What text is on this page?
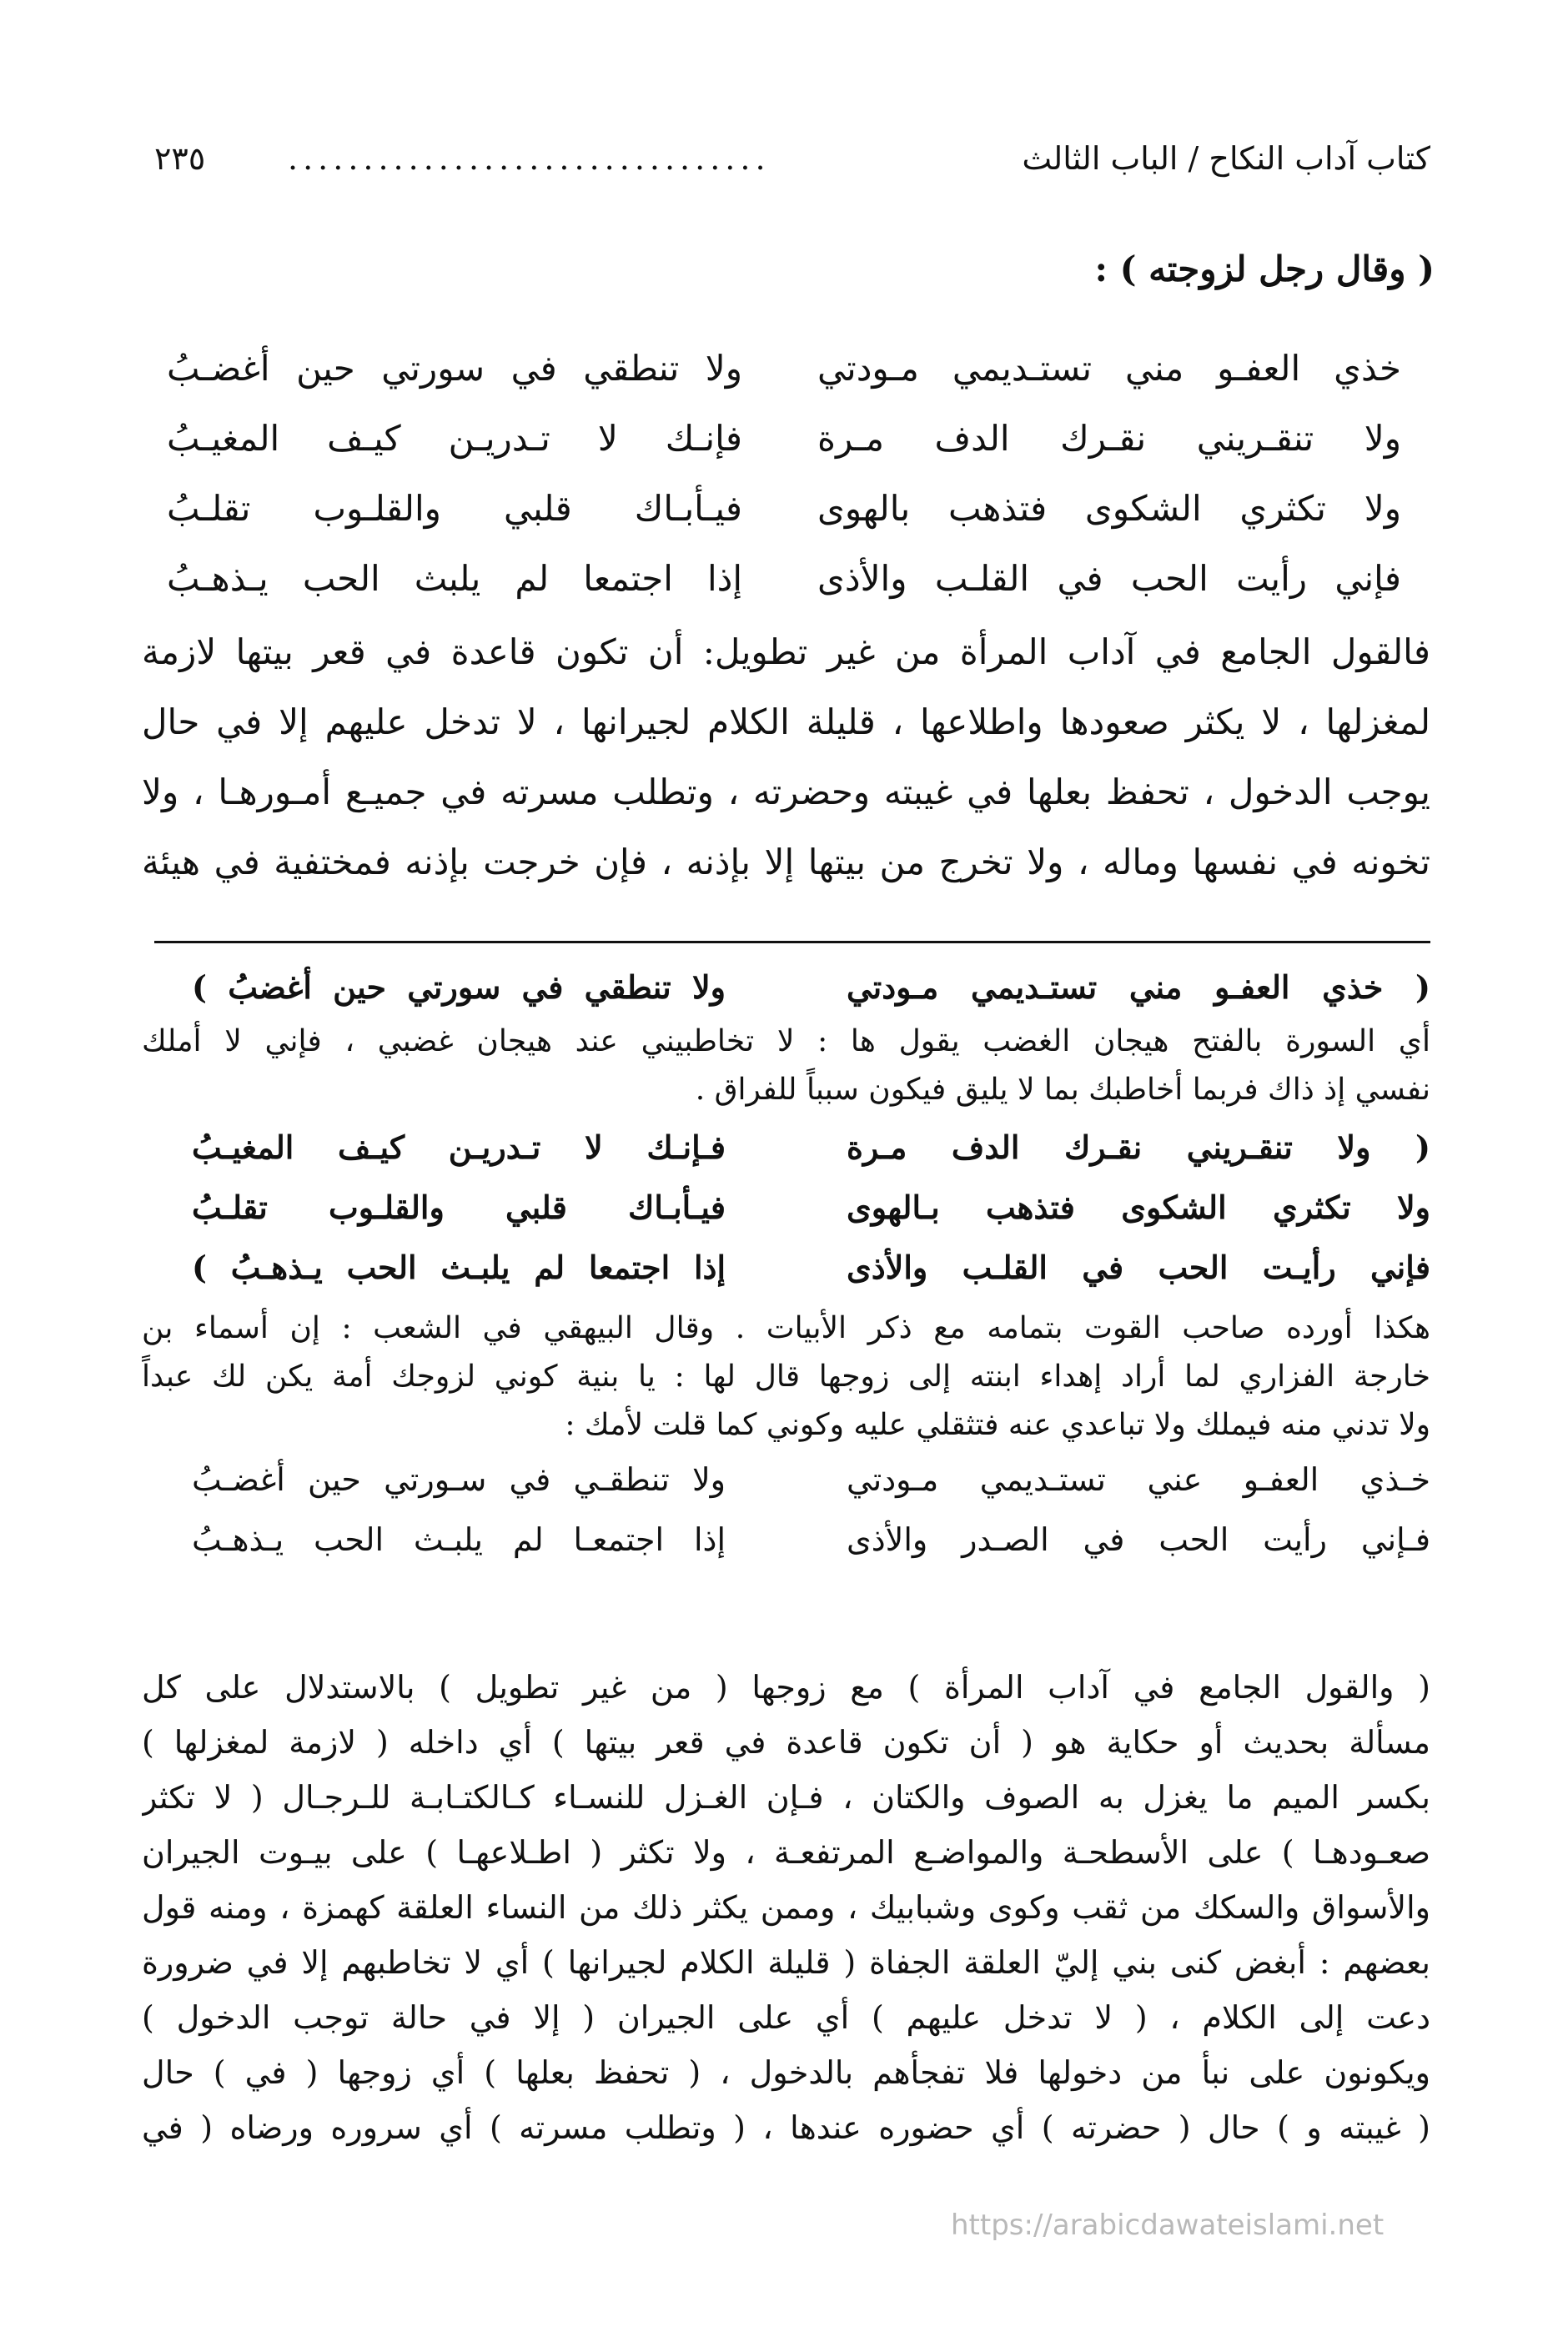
كتاب آداب النكاح / الباب الثالث
................................
٢٣٥
( وقال رجل لزوجته ) :
خذي العفـو مني تستـديمي مـودتي
ولا تنطقي في سورتي حين أغضـبُ
ولا تنقـريني نقـرك الدف مـرة
فإنـك لا تـدريـن كيـف المغيـبُ
ولا تكثري الشكوى فتذهب بالهوى
فيـأبـاك قلبي والقلـوب تقلـبُ
فإني رأيت الحب في القلـب والأذى
إذا اجتمعا لم يلبث الحب يـذهـبُ
فالقول الجامع في آداب المرأة من غير تطويل: أن تكون قاعدة في قعر بيتها لازمة
لمغزلها ، لا يكثر صعودها واطلاعها ، قليلة الكلام لجيرانها ، لا تدخل عليهم إلا في حال
يوجب الدخول ، تحفظ بعلها في غيبته وحضرته ، وتطلب مسرته في جميـع أمـورهـا ، ولا
تخونه في نفسها وماله ، ولا تخرج من بيتها إلا بإذنه ، فإن خرجت بإذنه فمختفية في هيئة
( خذي العفـو مني تستـديمي مـودتي
ولا تنطقي في سورتي حين أغضبُ )
أي السورة بالفتح هيجان الغضب يقول ها : لا تخاطبيني عند هيجان غضبي ، فإني لا أملك
نفسي إذ ذاك فربما أخاطبك بما لا يليق فيكون سبباً للفراق .
( ولا تنقـريني نقـرك الدف مـرة
فـإنـك لا تـدريـن كيـف المغيـبُ
ولا تكثري الشكوى فتذهب بـالهوى
فيـأبـاك قلبي والقلـوب تقلـبُ
فإني رأيـت الحب في القلـب والأذى
إذا اجتمعا لم يلبـث الحب يـذهـبُ )
هكذا أورده صاحب القوت بتمامه مع ذكر الأبيات . وقال البيهقي في الشعب : إن أسماء بن
خارجة الفزاري لما أراد إهداء ابنته إلى زوجها قال لها : يا بنية كوني لزوجك أمة يكن لك عبداً
ولا تدني منه فيملك ولا تباعدي عنه فتثقلي عليه وكوني كما قلت لأمك :
خـذي العفـو عني تستـديمي مـودتي
ولا تنطقـي في سـورتي حين أغضـبُ
فـإني رأيت الحب في الصـدر والأذى
إذا اجتمعـا لم يلبـث الحب يـذهـبُ
( والقول الجامع في آداب المرأة ) مع زوجها ( من غير تطويل ) بالاستدلال على كل
مسألة بحديث أو حكاية هو ( أن تكون قاعدة في قعر بيتها ) أي داخله ( لازمة لمغزلها )
بكسر الميم ما يغزل به الصوف والكتان ، فـإن الغـزل للنسـاء كـالكتـابـة للـرجـال ( لا تكثر
صعـودهـا ) على الأسطحـة والمواضـع المرتفعـة ، ولا تكثر ( اطـلاعهـا ) على بيـوت الجيران
والأسواق والسكك من ثقب وكوى وشبابيك ، وممن يكثر ذلك من النساء العلقة كهمزة ، ومنه قول
بعضهم : أبغض كنى بني إليّ العلقة الجفاة ( قليلة الكلام لجيرانها ) أي لا تخاطبهم إلا في ضرورة
دعت إلى الكلام ، ( لا تدخل عليهم ) أي على الجيران ( إلا في حالة توجب الدخول )
ويكونون على نبأ من دخولها فلا تفجأهم بالدخول ، ( تحفظ بعلها ) أي زوجها ( في ) حال
( غيبته و ) حال ( حضرته ) أي حضوره عندها ، ( وتطلب مسرته ) أي سروره ورضاه ( في
https://arabicdawateislami.net
